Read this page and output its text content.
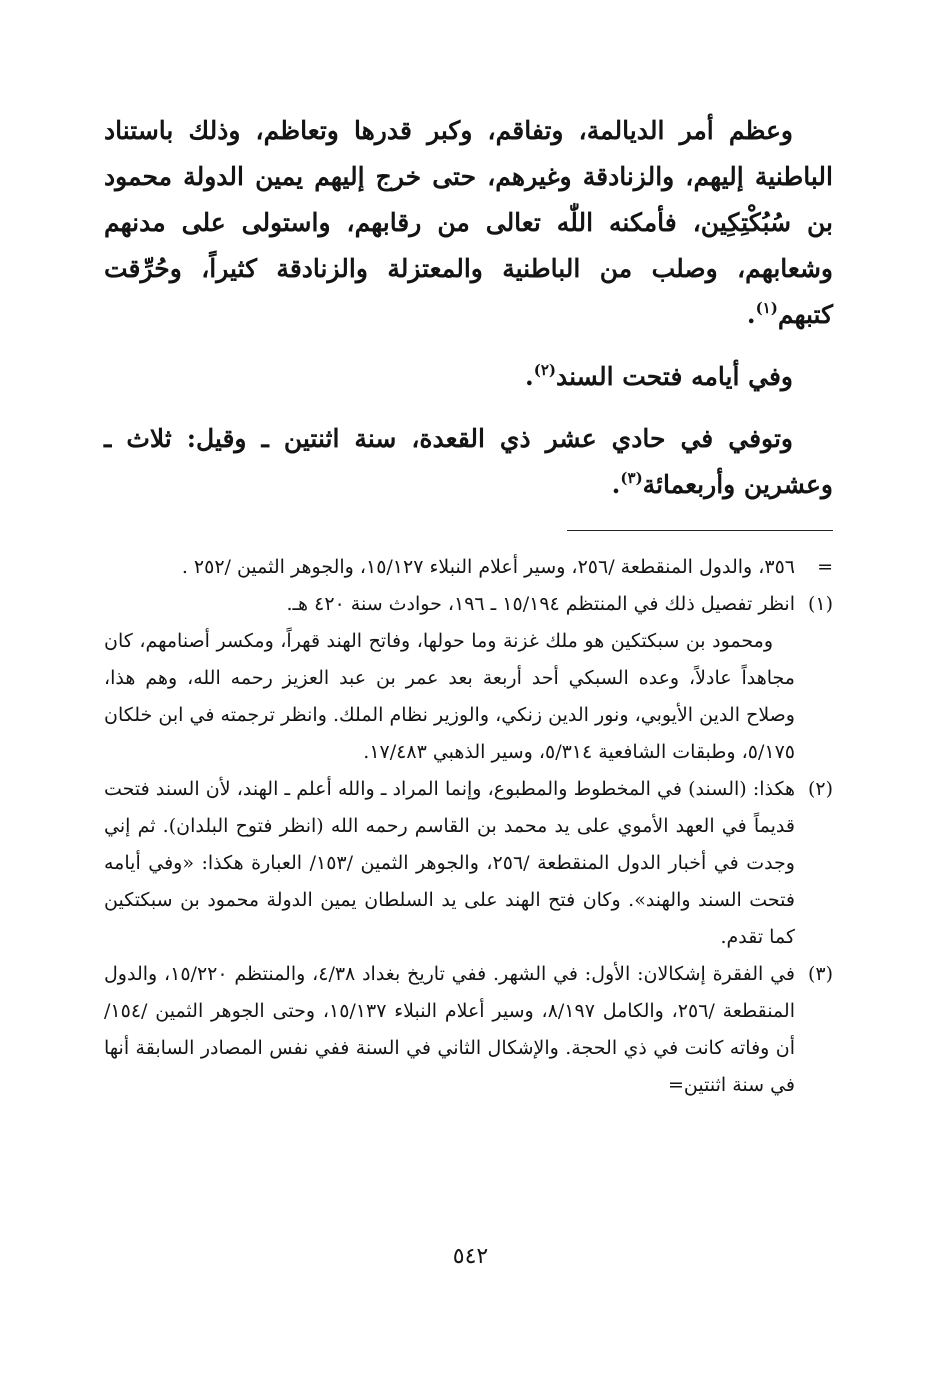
وعظم أمر الديالمة، وتفاقم، وكبر قدرها وتعاظم، وذلك باستناد الباطنية إليهم، والزنادقة وغيرهم، حتى خرج إليهم يمين الدولة محمود بن سُبُكْتِكِين، فأمكنه اللّٰه تعالى من رقابهم، واستولى على مدنهم وشعابهم، وصلب من الباطنية والمعتزلة والزنادقة كثيراً، وحُرِّقت كتبهم$^{(١)}$.

وفي أيامه فتحت السند$^{(٢)}$.

وتوفي في حادي عشر ذي القعدة، سنة اثنتين ـ وقيل: ثلاث ـ وعشرين وأربعمائة$^{(٣)}$.

=
٣٥٦، والدول المنقطعة /٢٥٦، وسير أعلام النبلاء ١٥/١٢٧، والجوهر الثمين /٢٥٢ .
(١)
انظر تفصيل ذلك في المنتظم ١٥/١٩٤ ـ ١٩٦، حوادث سنة ٤٢٠ هـ.
ومحمود بن سبكتكين هو ملك غزنة وما حولها، وفاتح الهند قهراً، ومكسر أصنامهم، كان مجاهداً عادلاً، وعده السبكي أحد أربعة بعد عمر بن عبد العزيز رحمه الله، وهم هذا، وصلاح الدين الأيوبي، ونور الدين زنكي، والوزير نظام الملك. وانظر ترجمته في ابن خلكان ٥/١٧٥، وطبقات الشافعية ٥/٣١٤، وسير الذهبي ١٧/٤٨٣.
(٢)
هكذا: (السند) في المخطوط والمطبوع، وإنما المراد ـ والله أعلم ـ الهند، لأن السند فتحت قديماً في العهد الأموي على يد محمد بن القاسم رحمه الله (انظر فتوح البلدان). ثم إني وجدت في أخبار الدول المنقطعة /٢٥٦، والجوهر الثمين /١٥٣/ العبارة هكذا: «وفي أيامه فتحت السند والهند». وكان فتح الهند على يد السلطان يمين الدولة محمود بن سبكتكين كما تقدم.
(٣)
في الفقرة إشكالان: الأول: في الشهر. ففي تاريخ بغداد ٤/٣٨، والمنتظم ١٥/٢٢٠، والدول المنقطعة /٢٥٦، والكامل ٨/١٩٧، وسير أعلام النبلاء ١٥/١٣٧، وحتى الجوهر الثمين /١٥٤/ أن وفاته كانت في ذي الحجة. والإشكال الثاني في السنة ففي نفس المصادر السابقة أنها في سنة اثنتين=
٥٤٢
